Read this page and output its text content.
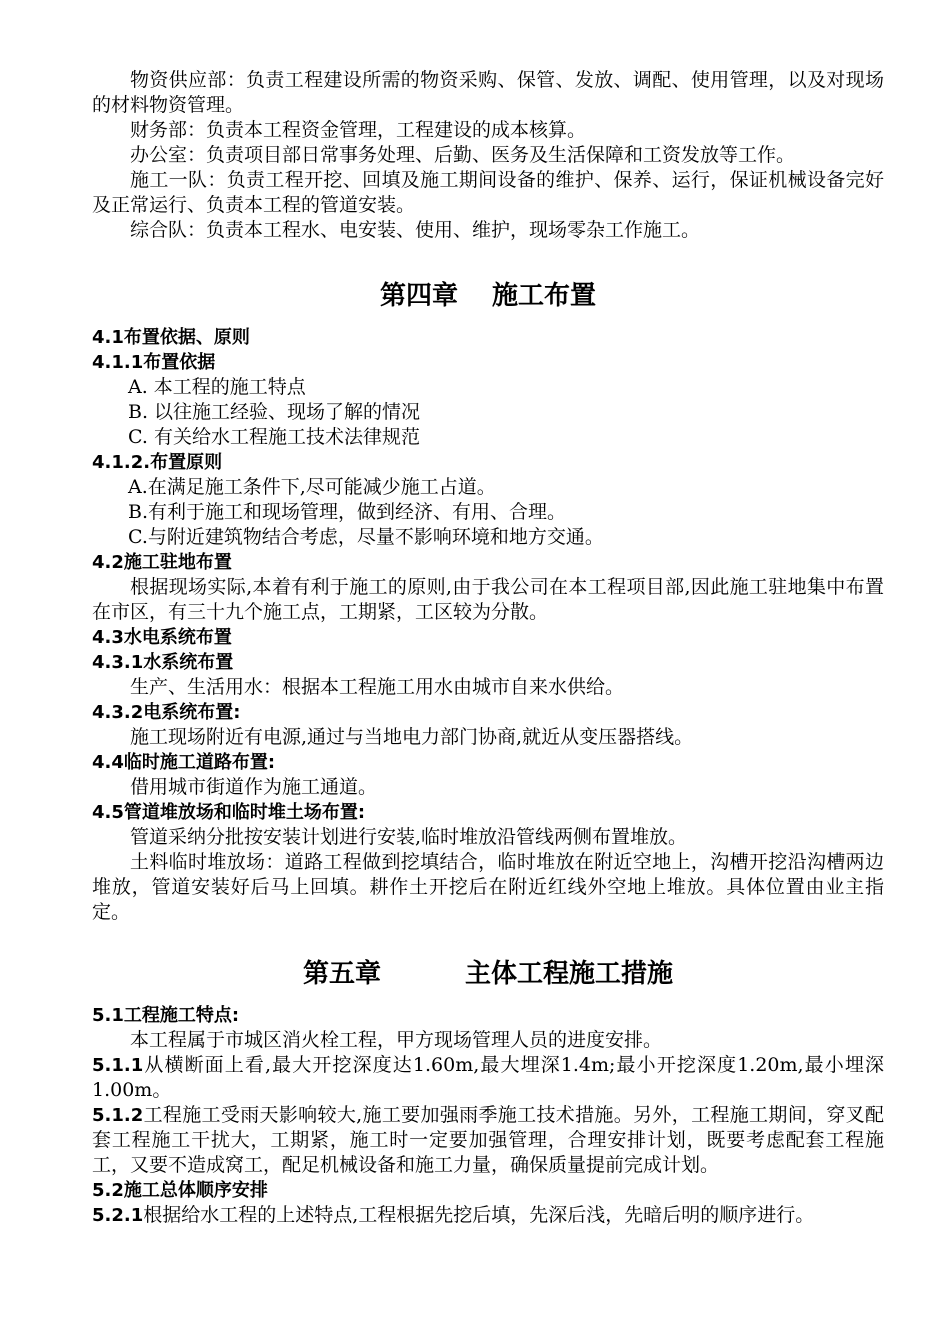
物资供应部：负责工程建设所需的物资采购、保管、发放、调配、使用管理，以及对现场的材料物资管理。

财务部：负责本工程资金管理，工程建设的成本核算。

办公室：负责项目部日常事务处理、后勤、医务及生活保障和工资发放等工作。

施工一队：负责工程开挖、回填及施工期间设备的维护、保养、运行，保证机械设备完好及正常运行、负责本工程的管道安装。

综合队：负责本工程水、电安装、使用、维护，现场零杂工作施工。

第四章 施工布置

4.1布置依据、原则

4.1.1布置依据

A. 本工程的施工特点

B. 以往施工经验、现场了解的情况

C. 有关给水工程施工技术法律规范

4.1.2.布置原则

A.在满足施工条件下,尽可能减少施工占道。

B.有利于施工和现场管理，做到经济、有用、合理。

C.与附近建筑物结合考虑，尽量不影响环境和地方交通。

4.2施工驻地布置

根据现场实际,本着有利于施工的原则,由于我公司在本工程项目部,因此施工驻地集中布置在市区，有三十九个施工点，工期紧，工区较为分散。

4.3水电系统布置

4.3.1水系统布置

生产、生活用水：根据本工程施工用水由城市自来水供给。

4.3.2电系统布置:

施工现场附近有电源,通过与当地电力部门协商,就近从变压器搭线。

4.4临时施工道路布置:

借用城市街道作为施工通道。

4.5管道堆放场和临时堆土场布置:

管道采纳分批按安装计划进行安装,临时堆放沿管线两侧布置堆放。

土料临时堆放场：道路工程做到挖填结合，临时堆放在附近空地上，沟槽开挖沿沟槽两边堆放，管道安装好后马上回填。耕作土开挖后在附近红线外空地上堆放。具体位置由业主指定。

第五章	主体工程施工措施

5.1工程施工特点:

本工程属于市城区消火栓工程，甲方现场管理人员的进度安排。

5.1.1从横断面上看,最大开挖深度达1.60m,最大埋深1.4m;最小开挖深度1.20m,最小埋深1.00m。

5.1.2工程施工受雨天影响较大,施工要加强雨季施工技术措施。另外，工程施工期间，穿叉配套工程施工干扰大，工期紧，施工时一定要加强管理，合理安排计划，既要考虑配套工程施工，又要不造成窝工，配足机械设备和施工力量，确保质量提前完成计划。

5.2施工总体顺序安排

5.2.1根据给水工程的上述特点,工程根据先挖后填，先深后浅，先暗后明的顺序进行。
